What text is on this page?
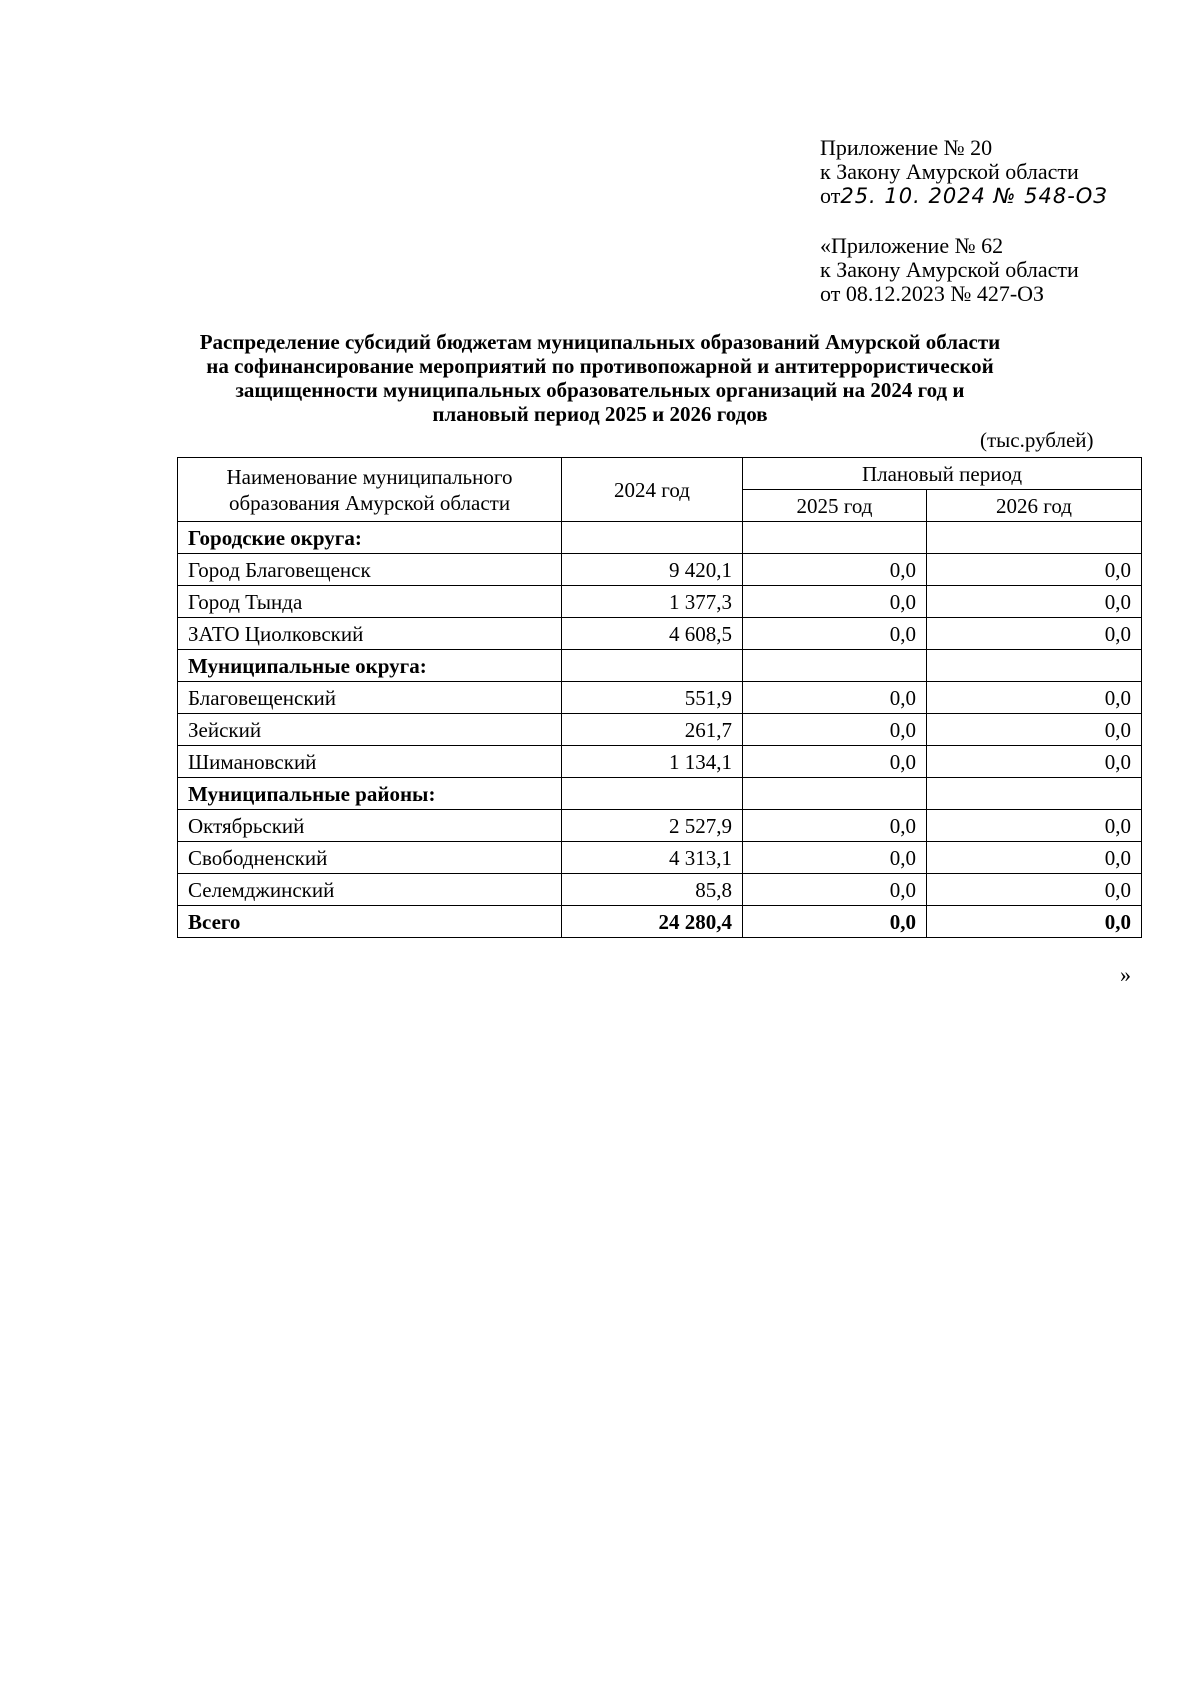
Приложение № 20
к Закону Амурской области
от25. 10. 2024 № 548-ОЗ
«Приложение № 62
к Закону Амурской области
от 08.12.2023 № 427-ОЗ
Распределение субсидий бюджетам муниципальных образований Амурской области
на софинансирование мероприятий по противопожарной и антитеррористической
защищенности муниципальных образовательных организаций на 2024 год и
плановый период 2025 и 2026 годов
(тыс.рублей)
Наименование муниципального
образования Амурской области	2024 год	Плановый период	
		2025 год	2026 год
Городские округа:			
Город Благовещенск	9 420,1	0,0	0,0
Город Тында	1 377,3	0,0	0,0
ЗАТО Циолковский	4 608,5	0,0	0,0
Муниципальные округа:			
Благовещенский	551,9	0,0	0,0
Зейский	261,7	0,0	0,0
Шимановский	1 134,1	0,0	0,0
Муниципальные районы:			
Октябрьский	2 527,9	0,0	0,0
Свободненский	4 313,1	0,0	0,0
Селемджинский	85,8	0,0	0,0
Всего	24 280,4	0,0	0,0
»
